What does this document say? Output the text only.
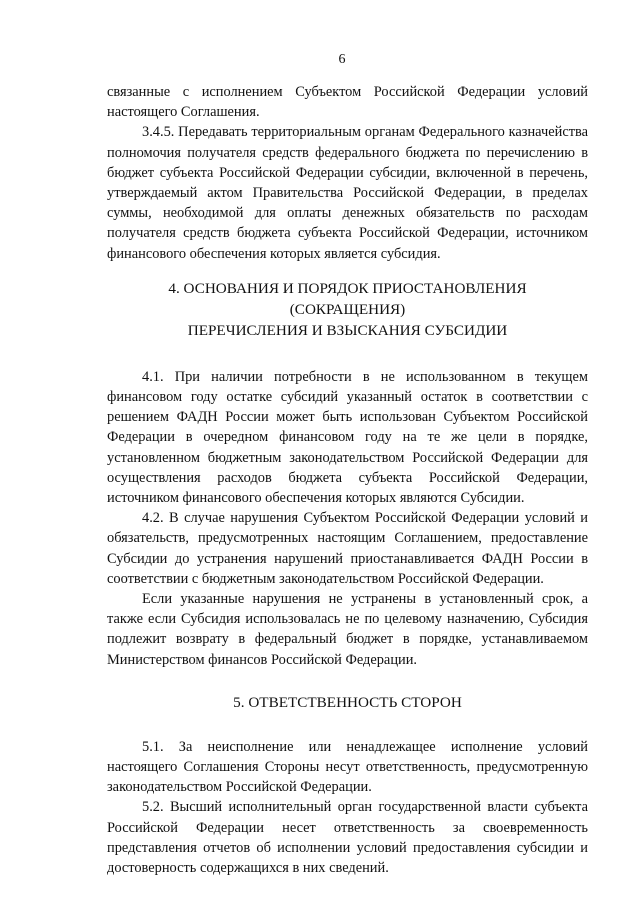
6

связанные с исполнением Субъектом Российской Федерации условий настоящего Соглашения.

3.4.5. Передавать территориальным органам Федерального казначейства полномочия получателя средств федерального бюджета по перечислению в бюджет субъекта Российской Федерации субсидии, включенной в перечень, утверждаемый актом Правительства Российской Федерации, в пределах суммы, необходимой для оплаты денежных обязательств по расходам получателя средств бюджета субъекта Российской Федерации, источником финансового обеспечения которых является субсидия.

4. ОСНОВАНИЯ И ПОРЯДОК ПРИОСТАНОВЛЕНИЯ
(СОКРАЩЕНИЯ)
ПЕРЕЧИСЛЕНИЯ И ВЗЫСКАНИЯ СУБСИДИИ

4.1. При наличии потребности в не использованном в текущем финансовом году остатке субсидий указанный остаток в соответствии с решением ФАДН России может быть использован Субъектом Российской Федерации в очередном финансовом году на те же цели в порядке, установленном бюджетным законодательством Российской Федерации для осуществления расходов бюджета субъекта Российской Федерации, источником финансового обеспечения которых являются Субсидии.

4.2. В случае нарушения Субъектом Российской Федерации условий и обязательств, предусмотренных настоящим Соглашением, предоставление Субсидии до устранения нарушений приостанавливается ФАДН России в соответствии с бюджетным законодательством Российской Федерации.

Если указанные нарушения не устранены в установленный срок, а также если Субсидия использовалась не по целевому назначению, Субсидия подлежит возврату в федеральный бюджет в порядке, устанавливаемом Министерством финансов Российской Федерации.

5. ОТВЕТСТВЕННОСТЬ СТОРОН

5.1. За неисполнение или ненадлежащее исполнение условий настоящего Соглашения Стороны несут ответственность, предусмотренную законодательством Российской Федерации.

5.2. Высший исполнительный орган государственной власти субъекта Российской Федерации несет ответственность за своевременность представления отчетов об исполнении условий предоставления субсидии и достоверность содержащихся в них сведений.
